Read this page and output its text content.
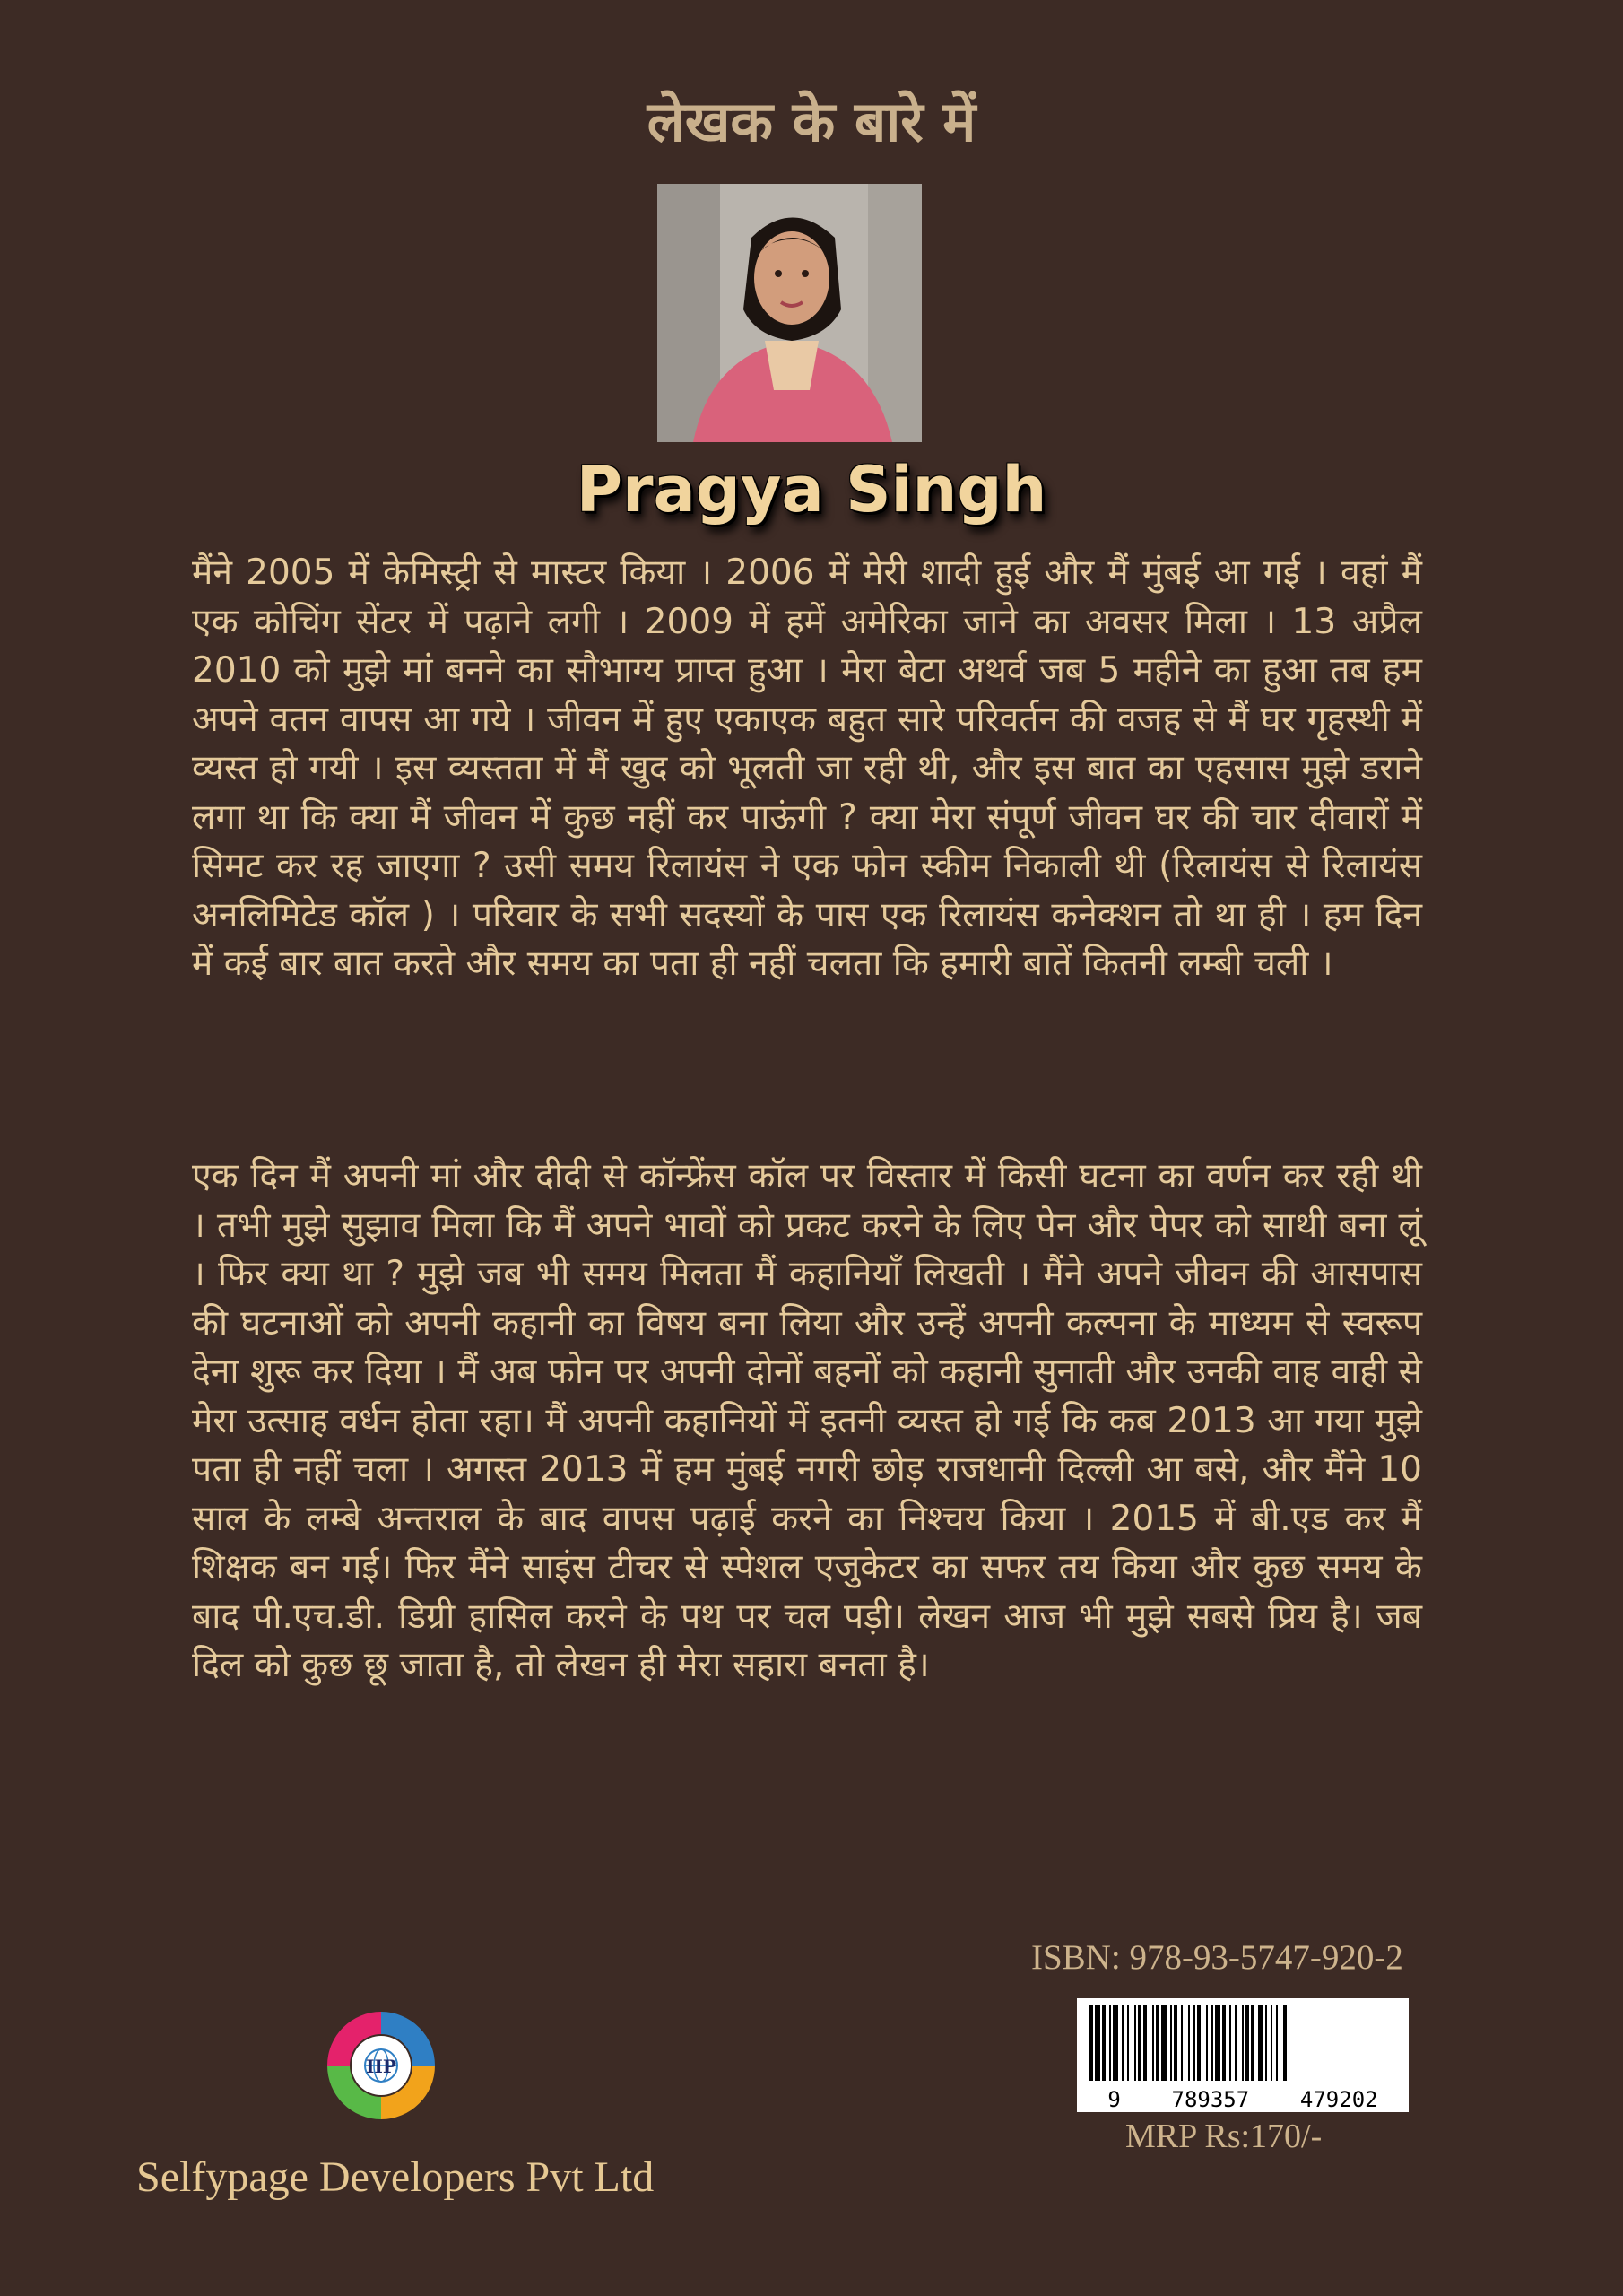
लेखक के बारे में
Pragya Singh

मैंने 2005 में केमिस्ट्री से मास्टर किया । 2006 में मेरी शादी हुई और मैं मुंबई आ गई । वहां मैं एक कोचिंग सेंटर में पढ़ाने लगी । 2009 में हमें अमेरिका जाने का अवसर मिला । 13 अप्रैल 2010 को मुझे मां बनने का सौभाग्य प्राप्त हुआ । मेरा बेटा अथर्व जब 5 महीने का हुआ तब हम अपने वतन वापस आ गये । जीवन में हुए एकाएक बहुत सारे परिवर्तन की वजह से मैं घर गृहस्थी में व्यस्त हो गयी । इस व्यस्तता में मैं खुद को भूलती जा रही थी, और इस बात का एहसास मुझे डराने लगा था कि क्या मैं जीवन में कुछ नहीं कर पाऊंगी ? क्या मेरा संपूर्ण जीवन घर की चार दीवारों में सिमट कर रह जाएगा ? उसी समय रिलायंस ने एक फोन स्कीम निकाली थी (रिलायंस से रिलायंस अनलिमिटेड कॉल ) । परिवार के सभी सदस्यों के पास एक रिलायंस कनेक्शन तो था ही । हम दिन में कई बार बात करते और समय का पता ही नहीं चलता कि हमारी बातें कितनी लम्बी चली ।

एक दिन मैं अपनी मां और दीदी से कॉन्फ्रेंस कॉल पर विस्तार में किसी घटना का वर्णन कर रही थी । तभी मुझे सुझाव मिला कि मैं अपने भावों को प्रकट करने के लिए पेन और पेपर को साथी बना लूं । फिर क्या था ? मुझे जब भी समय मिलता मैं कहानियाँ लिखती । मैंने अपने जीवन की आसपास की घटनाओं को अपनी कहानी का विषय बना लिया और उन्हें अपनी कल्पना के माध्यम से स्वरूप देना शुरू कर दिया । मैं अब फोन पर अपनी दोनों बहनों को कहानी सुनाती और उनकी वाह वाही से मेरा उत्साह वर्धन होता रहा। मैं अपनी कहानियों में इतनी व्यस्त हो गई कि कब 2013 आ गया मुझे पता ही नहीं चला । अगस्त 2013 में हम मुंबई नगरी छोड़ राजधानी दिल्ली आ बसे, और मैंने 10 साल के लम्बे अन्तराल के बाद वापस पढ़ाई करने का निश्चय किया । 2015 में बी.एड कर मैं शिक्षक बन गई। फिर मैंने साइंस टीचर से स्पेशल एजुकेटर का सफर तय किया और कुछ समय के बाद पी.एच.डी. डिग्री हासिल करने के पथ पर चल पड़ी। लेखन आज भी मुझे सबसे प्रिय है। जब दिल को कुछ छू जाता है, तो लेखन ही मेरा सहारा बनता है।

ISBN: 978-93-5747-920-2
9 789357 479202
MRP Rs:170/-
IIP
Selfypage Developers Pvt Ltd
